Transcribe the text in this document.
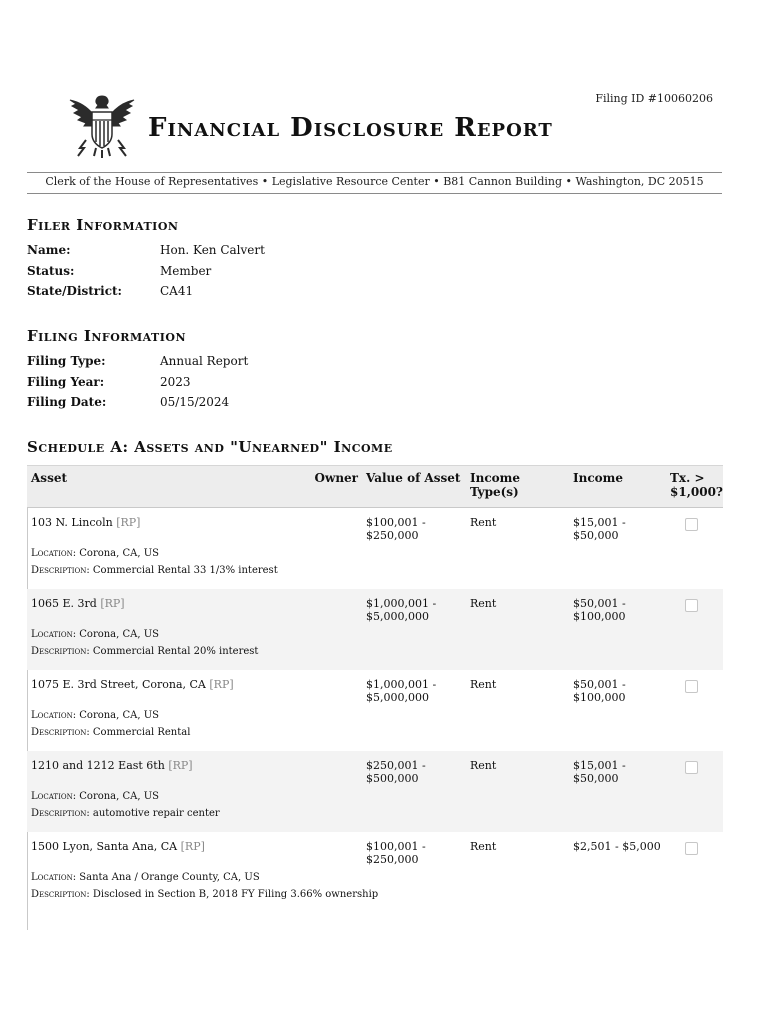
Filing ID #10060206
Financial Disclosure Report
Clerk of the House of Representatives • Legislative Resource Center • B81 Cannon Building • Washington, DC 20515
Filer Information
Name:	Hon. Ken Calvert
Status:	Member
State/District:	CA41
Filing Information
Filing Type:	Annual Report
Filing Year:	2023
Filing Date:	05/15/2024
Schedule A: Assets and "Unearned" Income
Asset	Owner	Value of Asset	Income Type(s)	Income	Tx. >
$1,000?
103 N. Lincoln [RP]		$100,001 -
$250,000	Rent	$15,001 -
$50,000	
Location: Corona, CA, US
Description: Commercial Rental 33 1/3% interest					
1065 E. 3rd [RP]		$1,000,001 -
$5,000,000	Rent	$50,001 -
$100,000	
Location: Corona, CA, US
Description: Commercial Rental 20% interest					
1075 E. 3rd Street, Corona, CA [RP]		$1,000,001 -
$5,000,000	Rent	$50,001 -
$100,000	
Location: Corona, CA, US
Description: Commercial Rental					
1210 and 1212 East 6th [RP]		$250,001 -
$500,000	Rent	$15,001 -
$50,000	
Location: Corona, CA, US
Description: automotive repair center					
1500 Lyon, Santa Ana, CA [RP]		$100,001 -
$250,000	Rent	$2,501 - $5,000

Location: Santa Ana / Orange County, CA, US
Description: Disclosed in Section B, 2018 FY Filing 3.66% ownership					
